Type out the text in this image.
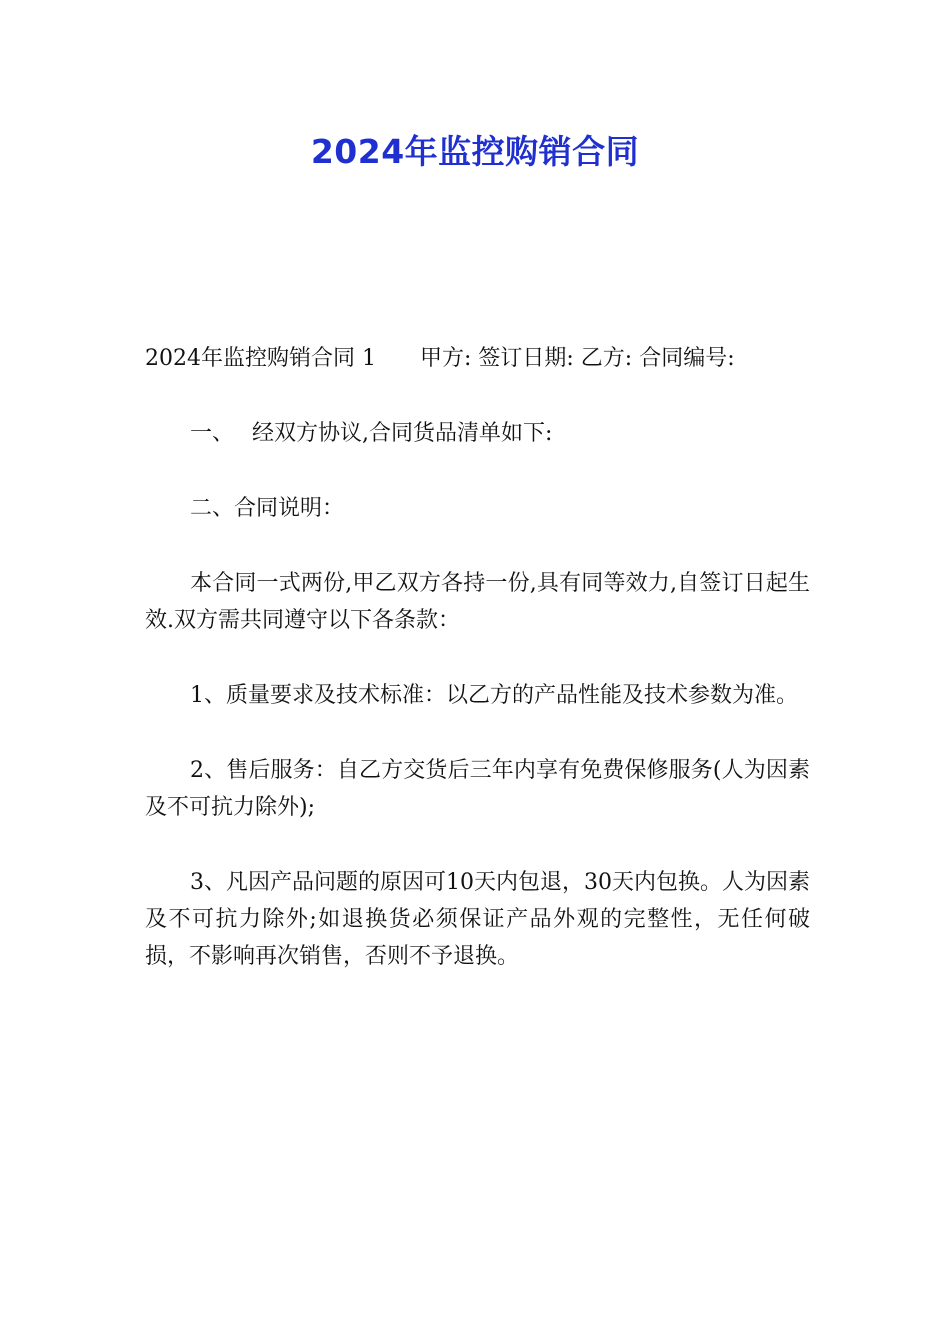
2024年监控购销合同

2024年监控购销合同 1 甲方: 签订日期: 乙方: 合同编号:

一、 经双方协议,合同货品清单如下:

二、合同说明：

本合同一式两份,甲乙双方各持一份,具有同等效力,自签订日起生效.双方需共同遵守以下各条款：

1、质量要求及技术标准：以乙方的产品性能及技术参数为准。

2、售后服务：自乙方交货后三年内享有免费保修服务(人为因素及不可抗力除外);

3、凡因产品问题的原因可10天内包退，30天内包换。人为因素及不可抗力除外;如退换货必须保证产品外观的完整性，无任何破损，不影响再次销售，否则不予退换。
